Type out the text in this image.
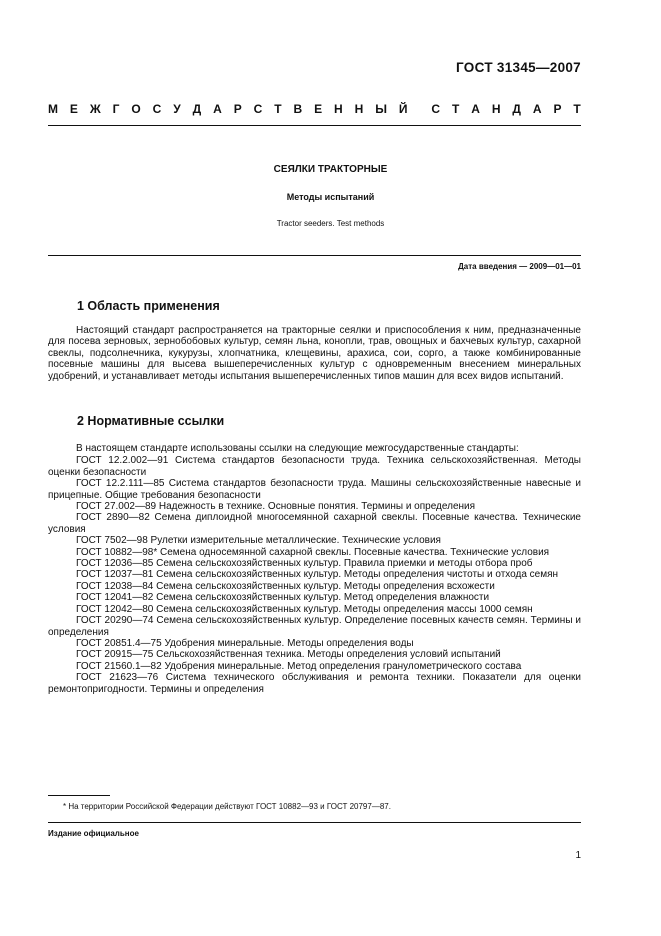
ГОСТ 31345—2007
М Е Ж Г О С У Д А Р С Т В Е Н Н Ы Й С Т А Н Д А Р Т
СЕЯЛКИ ТРАКТОРНЫЕ
Методы испытаний
Tractor seeders. Test methods
Дата введения — 2009—01—01
1 Область применения
Настоящий стандарт распространяется на тракторные сеялки и приспособления к ним, предназначенные для посева зерновых, зернобобовых культур, семян льна, конопли, трав, овощных и бахчевых культур, сахарной свеклы, подсолнечника, кукурузы, хлопчатника, клещевины, арахиса, сои, сорго, а также комбинированные посевные машины для высева вышеперечисленных культур с одновременным внесением минеральных удобрений, и устанавливает методы испытания вышеперечисленных типов машин для всех видов испытаний.
2 Нормативные ссылки

В настоящем стандарте использованы ссылки на следующие межгосударственные стандарты:

ГОСТ 12.2.002—91 Система стандартов безопасности труда. Техника сельскохозяйственная. Методы оценки безопасности

ГОСТ 12.2.111—85 Система стандартов безопасности труда. Машины сельскохозяйственные навесные и прицепные. Общие требования безопасности

ГОСТ 27.002—89 Надежность в технике. Основные понятия. Термины и определения

ГОСТ 2890—82 Семена диплоидной многосемянной сахарной свеклы. Посевные качества. Технические условия

ГОСТ 7502—98 Рулетки измерительные металлические. Технические условия

ГОСТ 10882—98* Семена односемянной сахарной свеклы. Посевные качества. Технические условия

ГОСТ 12036—85 Семена сельскохозяйственных культур. Правила приемки и методы отбора проб

ГОСТ 12037—81 Семена сельскохозяйственных культур. Методы определения чистоты и отхода семян

ГОСТ 12038—84 Семена сельскохозяйственных культур. Методы определения всхожести

ГОСТ 12041—82 Семена сельскохозяйственных культур. Метод определения влажности

ГОСТ 12042—80 Семена сельскохозяйственных культур. Методы определения массы 1000 семян

ГОСТ 20290—74 Семена сельскохозяйственных культур. Определение посевных качеств семян. Термины и определения

ГОСТ 20851.4—75 Удобрения минеральные. Методы определения воды

ГОСТ 20915—75 Сельскохозяйственная техника. Методы определения условий испытаний

ГОСТ 21560.1—82 Удобрения минеральные. Метод определения гранулометрического состава

ГОСТ 21623—76 Система технического обслуживания и ремонта техники. Показатели для оценки ремонтопригодности. Термины и определения

* На территории Российской Федерации действуют ГОСТ 10882—93 и ГОСТ 20797—87.
Издание официальное
1
